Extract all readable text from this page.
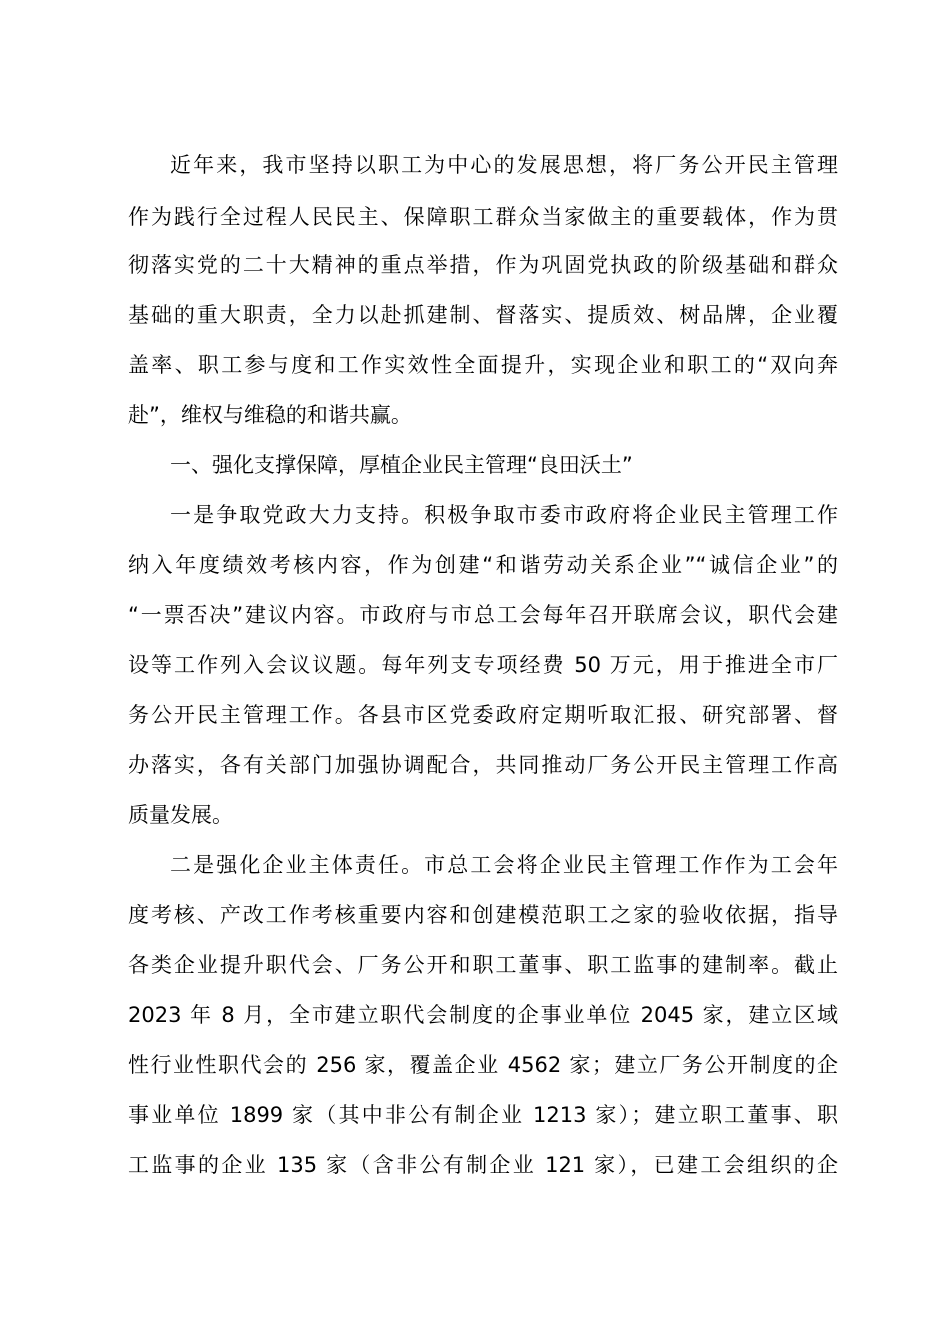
近年来，我市坚持以职工为中心的发展思想，将厂务公开民主管理
作为践行全过程人民民主、保障职工群众当家做主的重要载体，作为贯
彻落实党的二十大精神的重点举措，作为巩固党执政的阶级基础和群众
基础的重大职责，全力以赴抓建制、督落实、提质效、树品牌，企业覆
盖率、职工参与度和工作实效性全面提升，实现企业和职工的“双向奔
赴”，维权与维稳的和谐共赢。
一、强化支撑保障，厚植企业民主管理“良田沃土”
一是争取党政大力支持。积极争取市委市政府将企业民主管理工作
纳入年度绩效考核内容，作为创建“和谐劳动关系企业”“诚信企业”的
“一票否决”建议内容。市政府与市总工会每年召开联席会议，职代会建
设等工作列入会议议题。每年列支专项经费 50 万元，用于推进全市厂
务公开民主管理工作。各县市区党委政府定期听取汇报、研究部署、督
办落实，各有关部门加强协调配合，共同推动厂务公开民主管理工作高
质量发展。
二是强化企业主体责任。市总工会将企业民主管理工作作为工会年
度考核、产改工作考核重要内容和创建模范职工之家的验收依据，指导
各类企业提升职代会、厂务公开和职工董事、职工监事的建制率。截止
2023 年 8 月，全市建立职代会制度的企事业单位 2045 家，建立区域
性行业性职代会的 256 家，覆盖企业 4562 家；建立厂务公开制度的企
事业单位 1899 家（其中非公有制企业 1213 家）；建立职工董事、职
工监事的企业 135 家（含非公有制企业 121 家），已建工会组织的企
